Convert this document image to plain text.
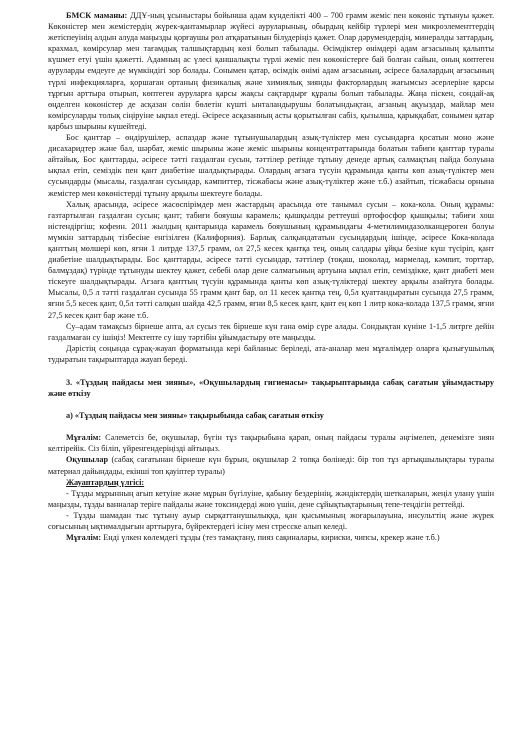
БМСК маманы: ДДҰ-ның ұсыныстары бойынша адам күнделікті 400 – 700 грамм жеміс пен көкөніс тұтынуы қажет. Көкөністер мен жемістердің жүрек-қантамырлар жүйесі ауруларының, обырдың кейбір түрлері мен микроэлементтердің жетіспеуінің алдын алуда маңызды қорғаушы рөл атқаратынын білудеріңіз қажет. Олар дәрумендердің, минералды заттардың, крахмал, көмірсулар мен тағамдық талшықтардың көзі болып табылады. Өсімдіктер өнімдері адам ағзасының қалыпты күшмет етуі үшін қажетті. Адамның ас үлесі қаншалықты түрлі жеміс пен көкөністерге бай болған сайын, оның көптеген ауруларды емдеуге де мүмкіндігі зор болады. Сонымен қатар, өсімдік өнімі адам ағзасының, әсіресе балалардың ағзасының түрлі инфекцияларға, қоршаған ортаның физикалық және химиялық зиянды факторлардың жағымсыз әсерлеріне қарсы тұрғын арттыра отырып, көптеген ауруларға қарсы жақсы сақтардырғ құралы болып табылады. Жаңа піскен, сондай-ақ өңделген көкөністер де асқазан сөлін бөлетін күшті ынталандырушы болатындықтан, ағзаның ақуыздар, майлар мен көмірсуларды толық сіңіруіне ықпал етеді. Әсіресе асқазанның асты қорытылған сабіз, қызылша, қарыққабат, сонымен қатар қарбыз шырыны күшейтеді.

Бос қанттар – өндірушілер, аспаздар және тұтынушылардың азық-түліктер мен сусындарға қосатын моно және дисахаридтер және бал, шәрбат, жеміс шырыны және жеміс шырыны концентраттарында болатын табиғи қанттар туралы айтайық. Бос қанттарды, әсіресе тәтті газдалған сусын, тәттілер ретінде тұтыну денеде артық салмақтың пайда болуына ықпал етіп, семіздік пен қант диабетіне шалдықтырады. Олардың ағзаға түсуін құрамында қанты көп азық-түліктер мен сусындарды (мысалы, газдалған сусындар, кәмпиттер, тісжабасы және азық-түліктер және т.б.) азайтып, тісжабасы орнына жемістер мен көкөністерді тұтыну арқылы шектеуге болады.

Халық арасында, әсіресе жасөспірімдер мен жастардың арасында өте танымал сусын – кока-кола. Оның құрамы: газтартылған газдалған сусын; қант; табиғи бояушы карамель; қышқылды реттеуші ортофосфор қышқылы; табиғи хош иістендіргіш; кофеин. 2011 жылдың қантарында карамель бояушының құрамындағы 4-метилимидазолканцероген болуы мүмкін заттардың тізбесіне енгізілген (Калифорния). Барлық салқындататын сусындардың ішінде, әсіресе Кока-колада қанттың мөлшері көп, яғни 1 литрде 137,5 грамм, ол 27,5 кесек қантқа тең, оның салдары ұйқы безіне күш түсіріп, қант диабетіне шалдықтырады. Бос қанттарды, әсіресе тәтті сусындар, тәттілер (тоқаш, шоколад, мармелад, кәмпит, торттар, балмұздақ) түрінде тұтынуды шектеу қажет, себебі олар дене салмағының артуына ықпал етіп, семіздікке, қант диабеті мен тіскеуге шалдықтырады. Ағзаға қанттың түсуін құрамында қанты көп азық-түліктерді шектеу арқылы азайтуға болады. Мысалы, 0,5 л тәтті газдалған сусында 55 грамм қант бар, ол 11 кесек қантқа тең, 0,5л қуаттандыратын сусында 27,5 грамм, яғни 5,5 кесек қант, 0,5л тәтті салқын шайда 42,5 грамм, яғни 8,5 кесек қант, қант ең көп 1 литр кока-колада 137,5 грамм, яғни 27,5 кесек қант бар және т.б.

Су–адам тамақсыз бірнеше апта, ал сусыз тек бірнеше күн ғана өмір сүре алады. Сондықтан күніне 1-1,5 литрге дейін газдалмаған су ішіңіз! Мектепте су ішу тәртібін ұйымдастыру өте маңызды.

Дәрістің соңында сұрақ-жауап форматында кері байланыс беріледі, ата-аналар мен мұғалімдер оларға қызығушылық тудыратын тақырыптарда жауап береді.

3. «Тұздың пайдасы мен зияны», «Оқушылардың гигиенасы» тақырыптарында сабақ сағатын ұйымдастыру және өткізу

а) «Тұздың пайдасы мен зияны» тақырыбында сабақ сағатын өткізу

Мұғалім: Сәлеметсіз бе, оқушылар, бүгін тұз тақырыбына қарап, оның пайдасы туралы әңгімелеп, денемізге зиян келтірейік. Сіз біліп, үйренгендеріңізді айтыңыз.

Оқушылар (сабақ сағатынан бірнеше күн бұрын, оқушылар 2 топқа бөлінеді: бір топ тұз артықшылықтары туралы материал дайындады, екінші топ қауіптер туралы)

Жауаптардың үлгісі:

- Тұзды мұрынның ағып кетуіне және мұрын бүгілуіне, қабыну бездерінің, жәндіктердің шеткаларын, жеңіл улану үшін маңызды, тұзды ванналар теріге пайдалы және токсиндерді жою үшін, дене сұйықтықтарының тепе-теңдігін реттейді.

- Тұзды шамадан тыс тұтыну ауыр сырқаттанушылыққа, қан қысымының жоғарылауына, инсульттің және жүрек соғысының ықтималдығын арттыруға, бүйректердегі ісіну мен стресске алып келеді.

Мұғалім: Енді үлкен көлемдегі тұзды (тез тамақтану, пияз сақиналары, кириски, чипсы, крекер және т.б.)
